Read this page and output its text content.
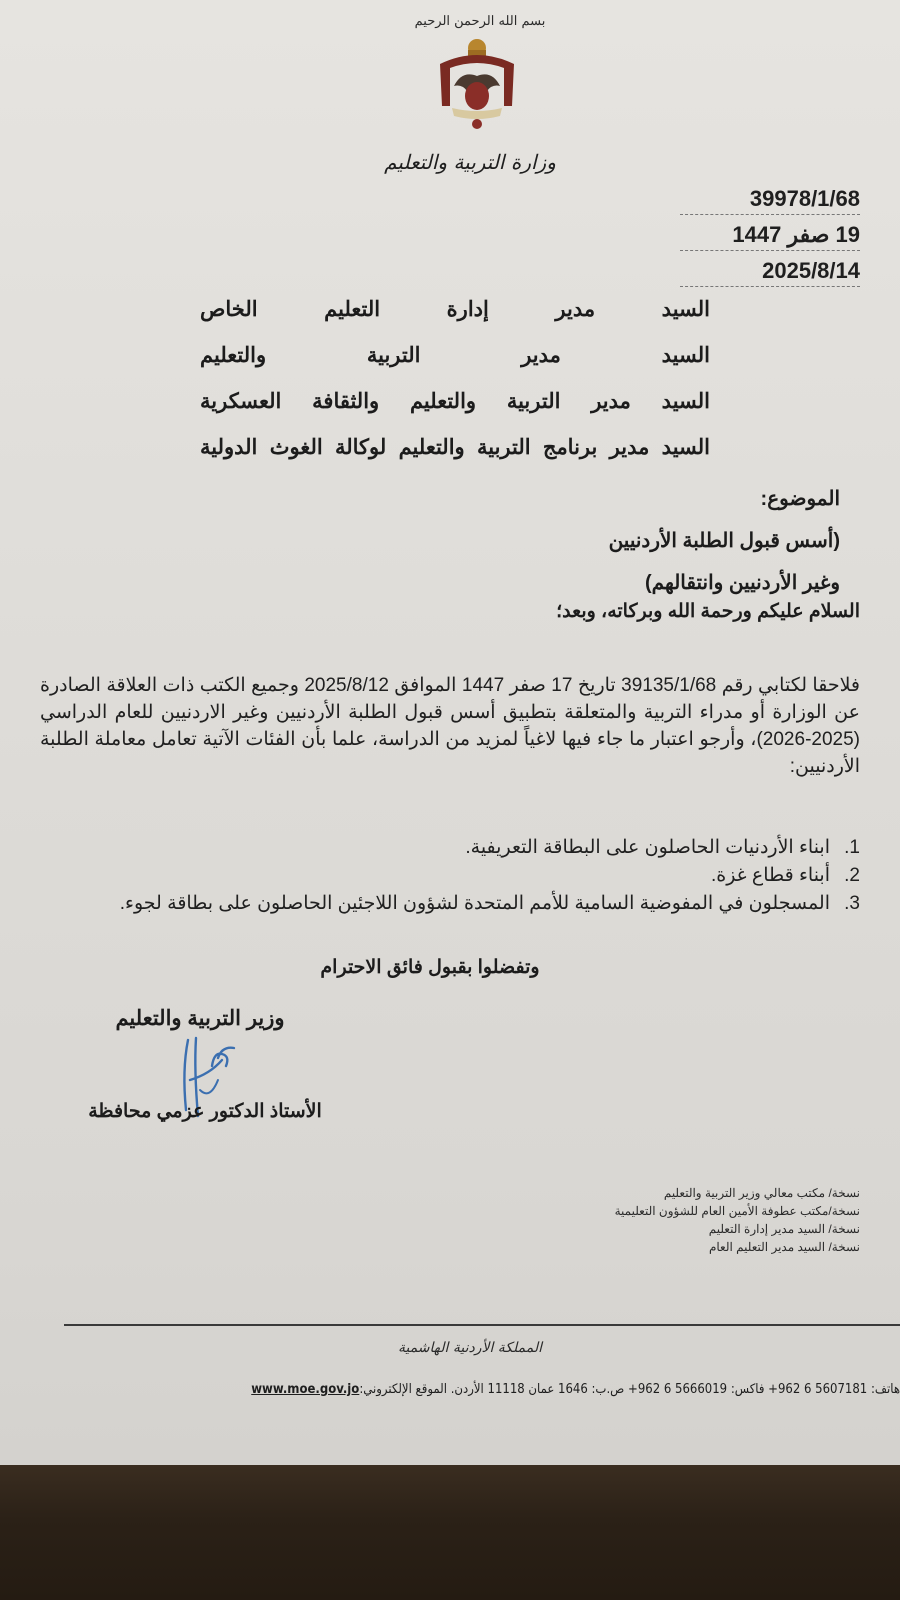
بسم الله الرحمن الرحيم
وزارة التربية والتعليم
39978/1/68
19 صفر 1447
2025/8/14
السيد مدير إدارة التعليم الخاص
السيد مدير التربية والتعليم
السيد مدير التربية والتعليم والثقافة العسكرية
السيد مدير برنامج التربية والتعليم لوكالة الغوث الدولية
الموضوع:
(أسس قبول الطلبة الأردنيين
وغير الأردنيين وانتقالهم)
السلام عليكم ورحمة الله وبركاته، وبعد؛
فلاحقا لكتابي رقم 39135/1/68 تاريخ 17 صفر 1447 الموافق 2025/8/12 وجميع الكتب ذات العلاقة الصادرة عن الوزارة أو مدراء التربية والمتعلقة بتطبيق أسس قبول الطلبة الأردنيين وغير الاردنيين للعام الدراسي (2025-2026)، وأرجو اعتبار ما جاء فيها لاغياً لمزيد من الدراسة، علما بأن الفئات الآتية تعامل معاملة الطلبة الأردنيين:
1.
ابناء الأردنيات الحاصلون على البطاقة التعريفية.
2.
أبناء قطاع غزة.
3.
المسجلون في المفوضية السامية للأمم المتحدة لشؤون اللاجئين الحاصلون على بطاقة لجوء.
وتفضلوا بقبول فائق الاحترام
وزير التربية والتعليم
الأستاذ الدكتور عزمي محافظة
نسخة/ مكتب معالي وزير التربية والتعليم
نسخة/مكتب عطوفة الأمين العام للشؤون التعليمية
نسخة/ السيد مدير إدارة التعليم
نسخة/ السيد مدير التعليم العام
المملكة الأردنية الهاشمية
هاتف: 5607181 6 962+ فاكس: 5666019 6 962+ ص.ب: 1646 عمان 11118 الأردن. الموقع الإلكتروني:www.moe.gov.jo
